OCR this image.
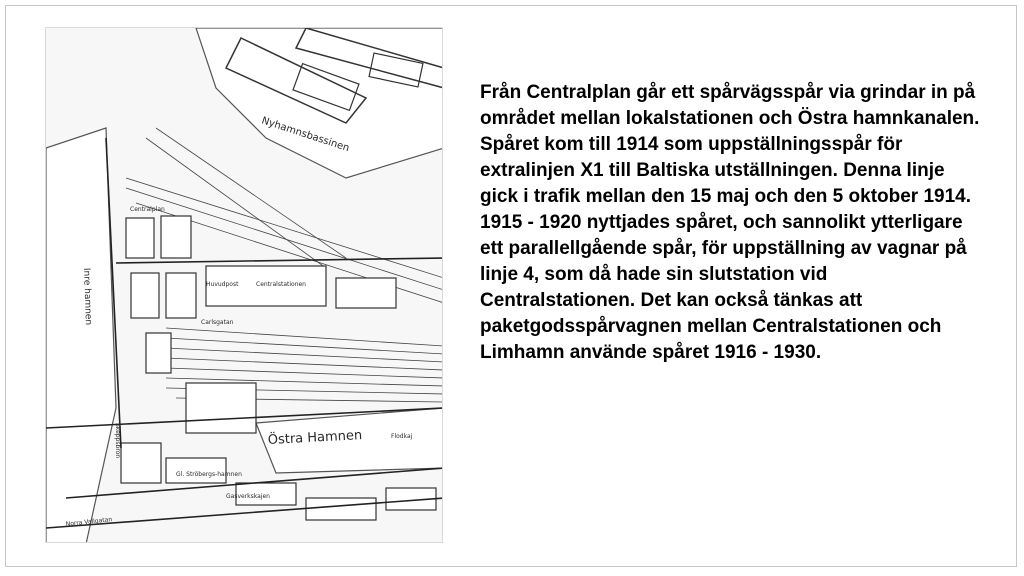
Nyhamnsbassinen
Inre hamnen
Östra Hamnen
Centralplan
Carlsgatan
Skeppsbron
Norra Vallgatan
Huvudpost	Centralstationen
Gl. Ströbergs-hamnen
Flodkaj
Gasverkskajen

Från Centralplan går ett spårvägsspår via grindar in på området mellan lokalstationen och Östra hamnkanalen. Spåret kom till 1914 som uppställningsspår för extralinjen X1 till Baltiska utställningen. Denna linje gick i trafik mellan den 15 maj och den 5 oktober 1914. 1915 - 1920 nyttjades spåret, och sannolikt ytterligare ett parallellgående spår, för uppställning av vagnar på linje 4, som då hade sin slutstation vid Centralstationen. Det kan också tänkas att paketgodsspårvagnen mellan Centralstationen och Limhamn använde spåret 1916 - 1930.
